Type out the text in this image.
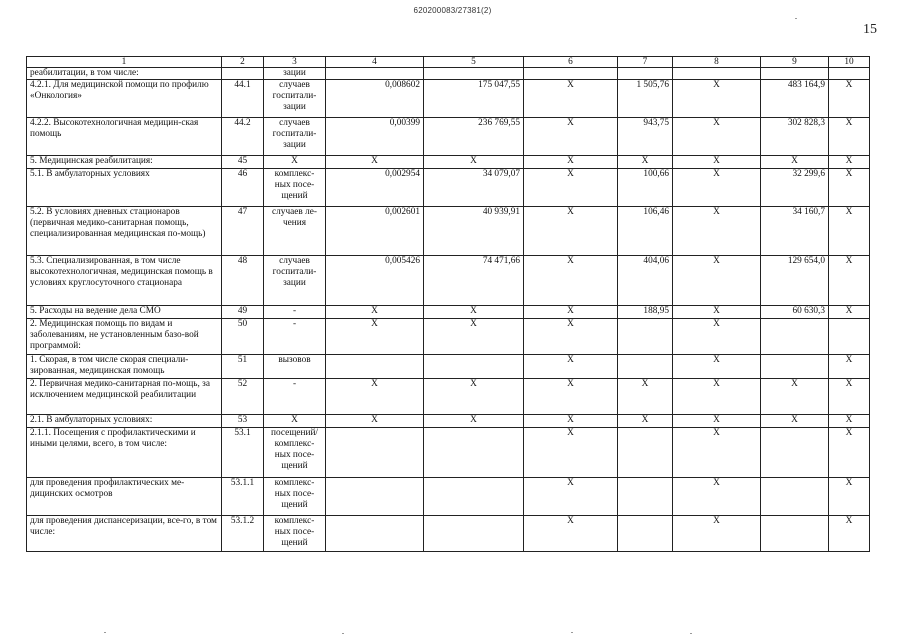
620200083/27381(2)
15
1	2	3	4	5	6	7	8	9	10
реабилитации, в том числе:		зации							
4.2.1. Для медицинской помощи по профилю «Онкология»	44.1	случаев госпитали-зации	0,008602	175 047,55	X	1 505,76	X	483 164,9	X
4.2.2. Высокотехнологичная медицин-ская помощь	44.2	случаев госпитали-зации	0,00399	236 769,55	X	943,75	X	302 828,3	X
5. Медицинская реабилитация:	45	X	X	X	X	X	X	X	X
5.1. В амбулаторных условиях	46	комплекс-ных посе-щений	0,002954	34 079,07	X	100,66	X	32 299,6	X
5.2. В условиях дневных стационаров (первичная медико-санитарная помощь, специализированная медицинская по-мощь)	47	случаев ле-чения	0,002601	40 939,91	X	106,46	X	34 160,7	X
5.3. Специализированная, в том числе высокотехнологичная, медицинская помощь в условиях круглосуточного стационара	48	случаев госпитали-зации	0,005426	74 471,66	X	404,06	X	129 654,0	X
5. Расходы на ведение дела СМО	49	-	X	X	X	188,95	X	60 630,3	X
2. Медицинская помощь по видам и заболеваниям, не установленным базо-вой программой:	50	-	X	X	X		X		
1. Скорая, в том числе скорая специали-зированная, медицинская помощь	51	вызовов			X		X		X
2. Первичная медико-санитарная по-мощь, за исключением медицинской реабилитации	52	-	X	X	X	X	X	X	X
2.1. В амбулаторных условиях:	53	X	X	X	X	X	X	X	X
2.1.1. Посещения с профилактическими и иными целями, всего, в том числе:	53.1	посещений/ комплекс-ных посе-щений			X		X		X
для проведения профилактических ме-дицинских осмотров	53.1.1	комплекс-ных посе-щений			X		X		X
для проведения диспансеризации, все-го, в том числе:	53.1.2	комплекс-ных посе-щений			X		X		X
